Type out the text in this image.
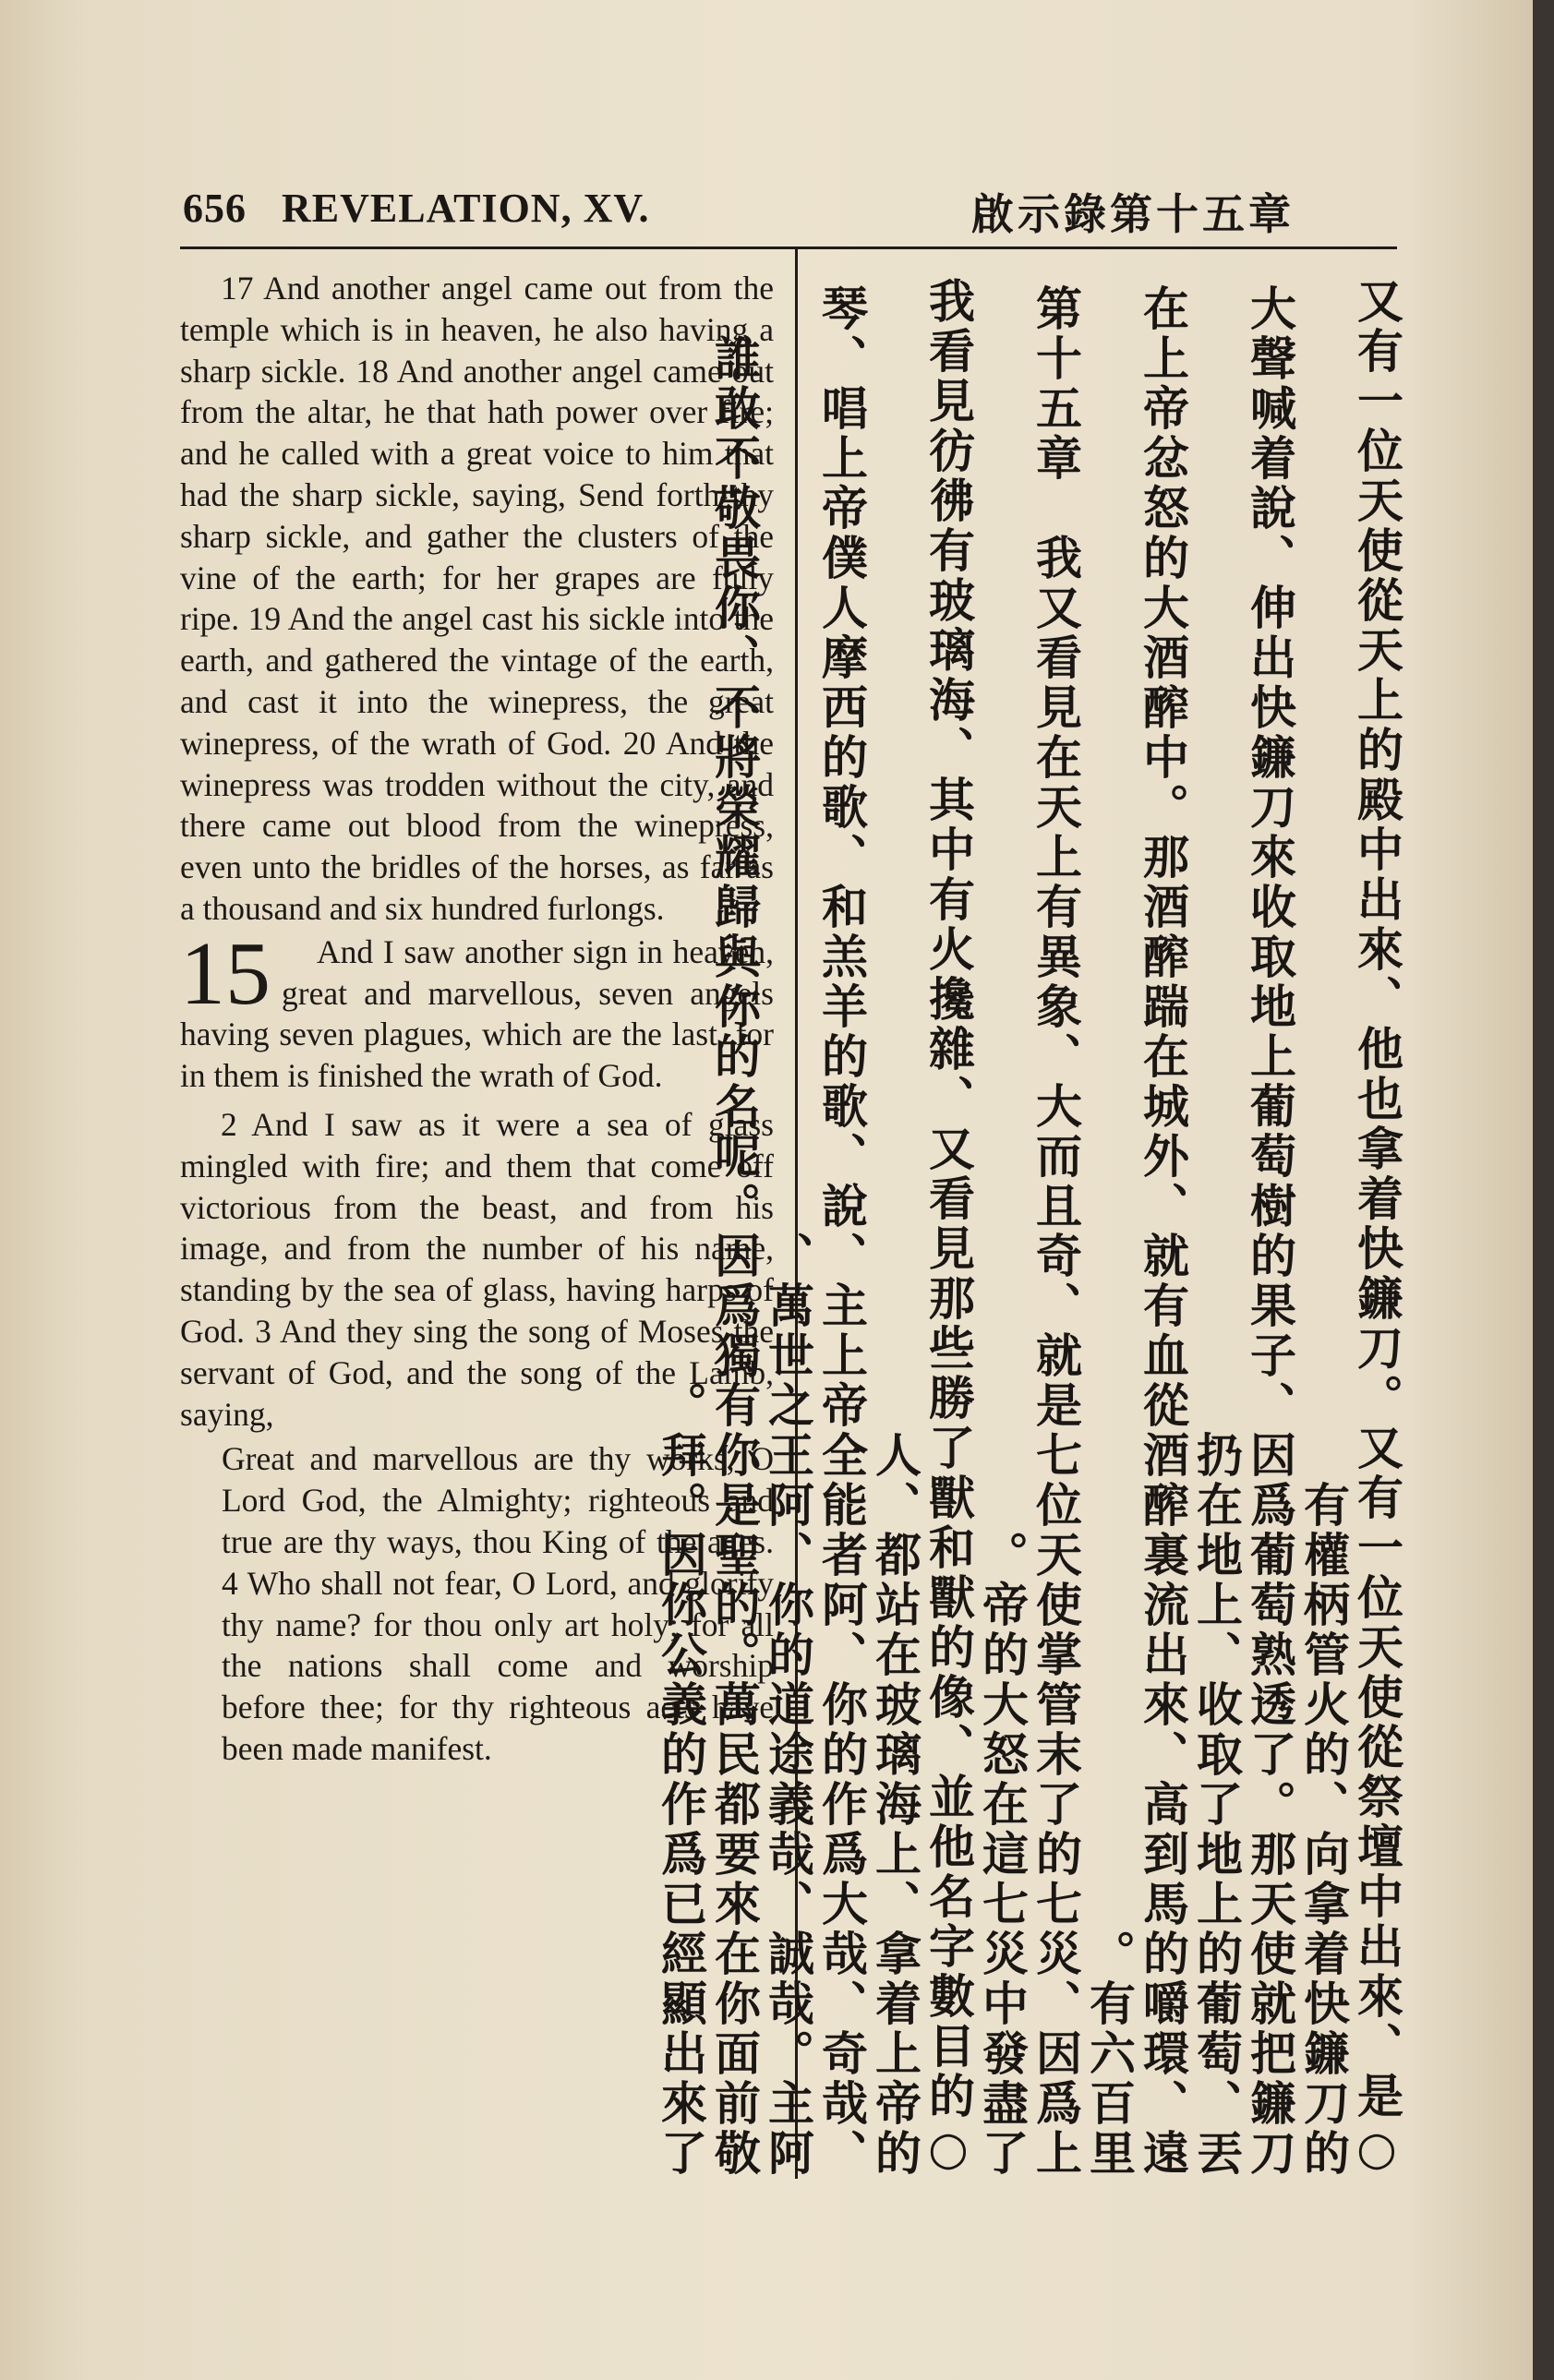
656 REVELATION, XV.	啟示錄第十五章

17 And another angel came out from the temple which is in heaven, he also having a sharp sickle. 18 And another angel came out from the altar, he that hath power over fire; and he called with a great voice to him that had the sharp sickle, saying, Send forth thy sharp sickle, and gather the clusters of the vine of the earth; for her grapes are fully ripe. 19 And the angel cast his sickle into the earth, and gathered the vintage of the earth, and cast it into the winepress, the great winepress, of the wrath of God. 20 And the winepress was trodden without the city, and there came out blood from the winepress, even unto the bridles of the horses, as far as a thousand and six hundred furlongs.

15 And I saw another sign in heaven, great and marvellous, seven angels having seven plagues, which are the last, for in them is finished the wrath of God.

2 And I saw as it were a sea of glass mingled with fire; and them that come off victorious from the beast, and from his image, and from the number of his name, standing by the sea of glass, having harps of God. 3 And they sing the song of Moses the servant of God, and the song of the Lamb, saying,

Great and marvellous are thy works, O Lord God, the Almighty; righteous and true are thy ways, thou King of the ages. 4 Who shall not fear, O Lord, and glorify thy name? for thou only art holy; for all the nations shall come and worship before thee; for thy righteous acts have been made manifest.	○又有一位天使從天上的殿中出來、他也拿着快鐮刀。又有一位天使從祭壇中出來、是有權柄管火的、向拿着快鐮刀的
大聲喊着說、伸出快鐮刀來收取地上葡萄樹的果子、因爲葡萄熟透了。那天使就把鐮刀扔在地上、收取了地上的葡萄、丟
在上帝忿怒的大酒醡中。那酒醡踹在城外、就有血從酒醡裏流出來、高到馬的嚼環、遠有六百里。
第十五章　我又看見在天上有異象、大而且奇、就是七位天使掌管末了的七災、因爲上帝的大怒在這七災中發盡了。
○我看見彷彿有玻璃海、其中有火攙雜、又看見那些勝了獸和獸的像、並他名字數目的人、都站在玻璃海上、拿着上帝的
琴、唱上帝僕人摩西的歌、和羔羊的歌、說、主上帝全能者阿、你的作爲大哉、奇哉、萬世之王阿、你的道途義哉、誠哉。主阿、
誰敢不敬畏你、不將榮耀歸與你的名呢。因爲獨有你是聖的。萬民都要來在你面前敬拜。因你公義的作爲已經顯出來了。
